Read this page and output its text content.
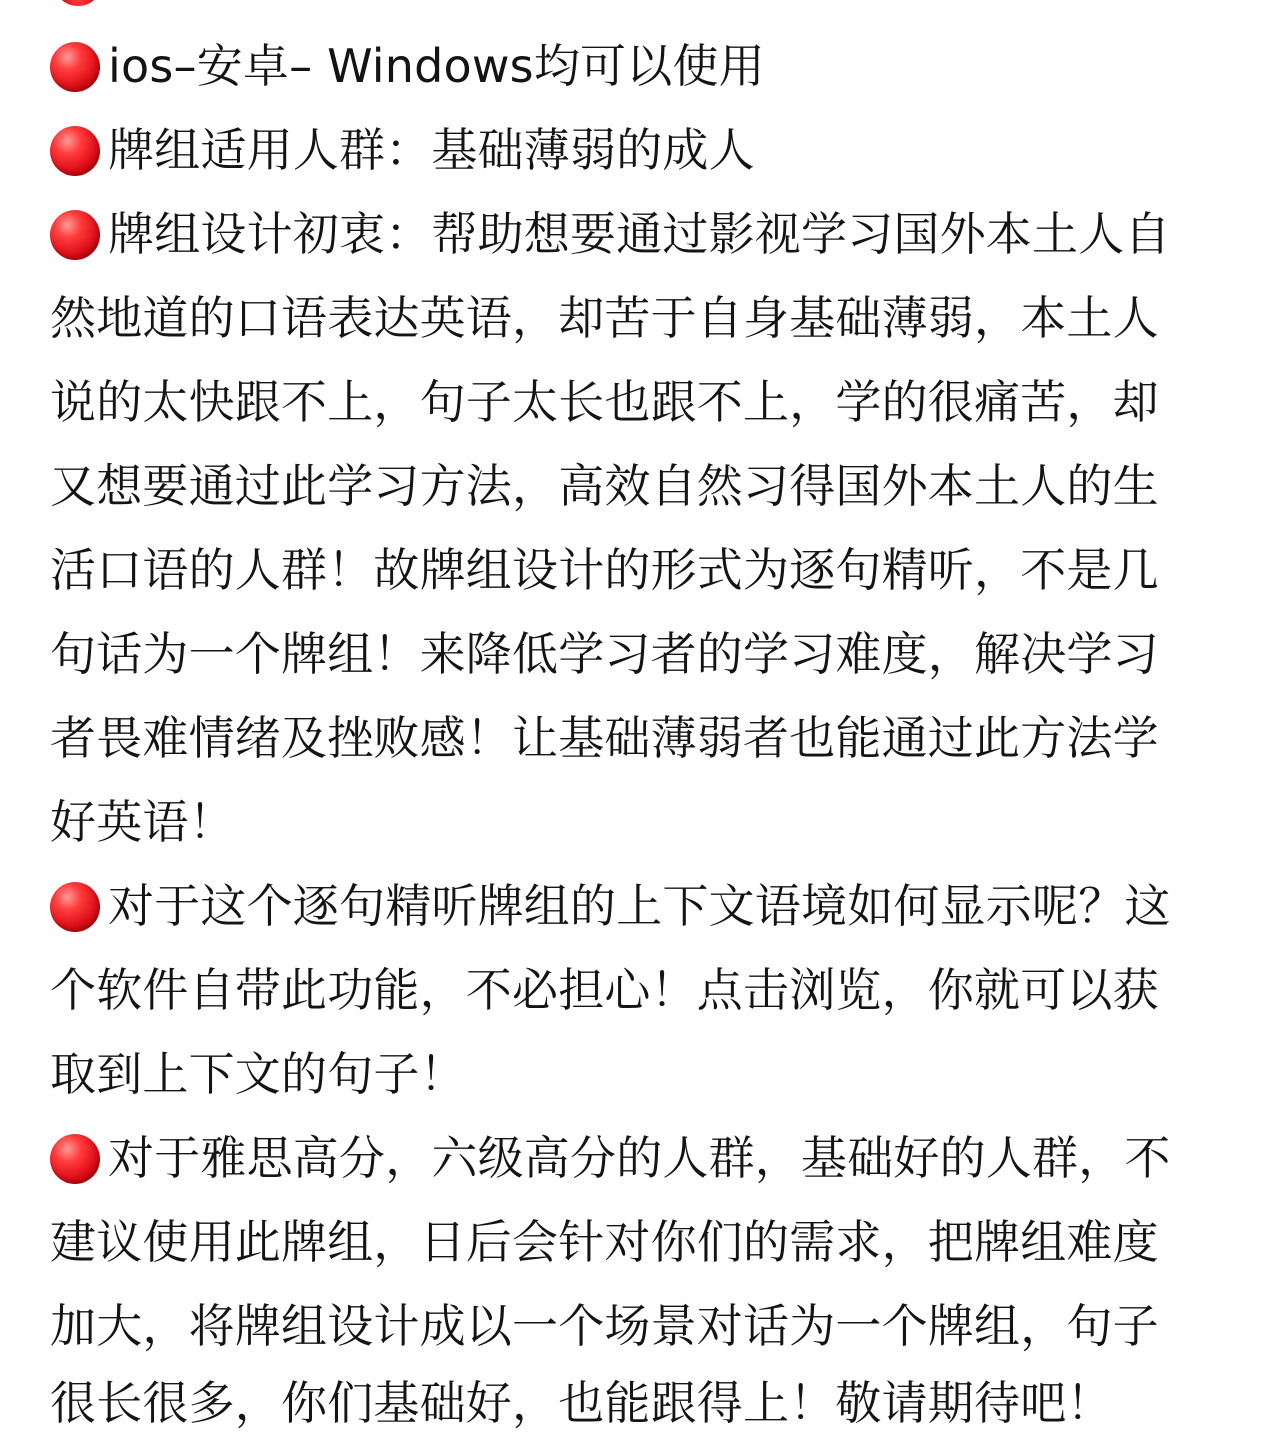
ios–安卓– Windows均可以使用
牌组适用人群：基础薄弱的成人
牌组设计初衷：帮助想要通过影视学习国外本土人自
然地道的口语表达英语，却苦于自身基础薄弱，本土人
说的太快跟不上，句子太长也跟不上，学的很痛苦，却
又想要通过此学习方法，高效自然习得国外本土人的生
活口语的人群！故牌组设计的形式为逐句精听，不是几
句话为一个牌组！来降低学习者的学习难度，解决学习
者畏难情绪及挫败感！让基础薄弱者也能通过此方法学
好英语！
对于这个逐句精听牌组的上下文语境如何显示呢？这
个软件自带此功能，不必担心！点击浏览，你就可以获
取到上下文的句子！
对于雅思高分，六级高分的人群，基础好的人群，不
建议使用此牌组，日后会针对你们的需求，把牌组难度
加大，将牌组设计成以一个场景对话为一个牌组，句子
很长很多，你们基础好，也能跟得上！敬请期待吧！
